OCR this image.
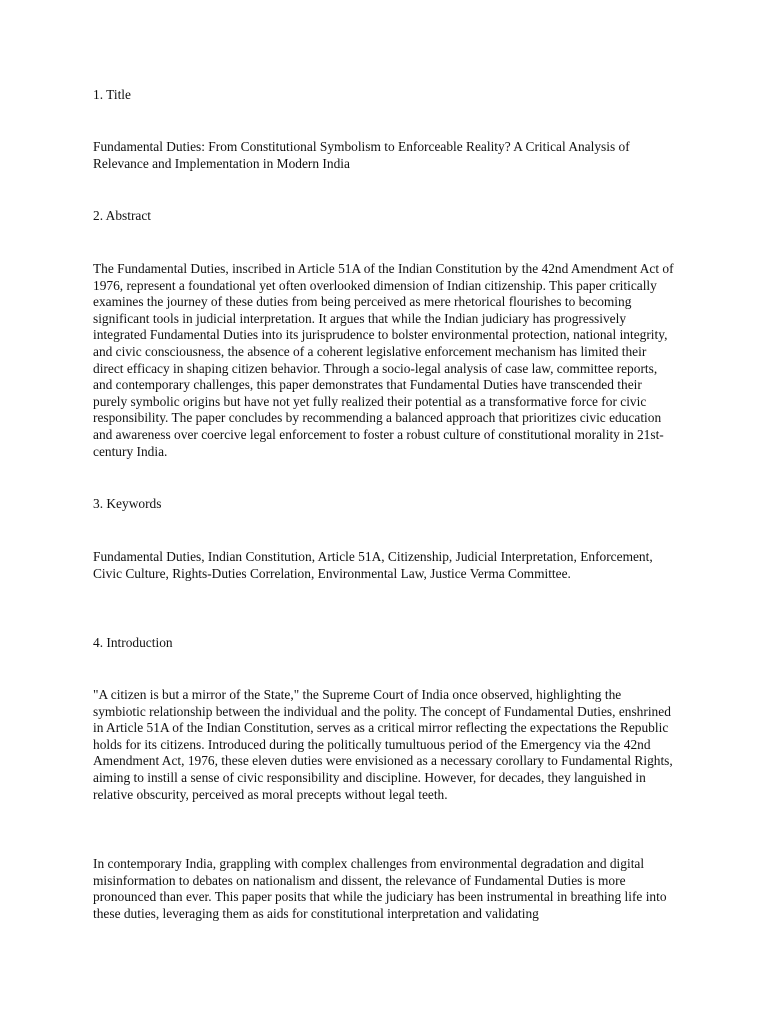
1. Title

Fundamental Duties: From Constitutional Symbolism to Enforceable Reality? A Critical Analysis of Relevance and Implementation in Modern India

2. Abstract

The Fundamental Duties, inscribed in Article 51A of the Indian Constitution by the 42nd Amendment Act of 1976, represent a foundational yet often overlooked dimension of Indian citizenship. This paper critically examines the journey of these duties from being perceived as mere rhetorical flourishes to becoming significant tools in judicial interpretation. It argues that while the Indian judiciary has progressively integrated Fundamental Duties into its jurisprudence to bolster environmental protection, national integrity, and civic consciousness, the absence of a coherent legislative enforcement mechanism has limited their direct efficacy in shaping citizen behavior. Through a socio-legal analysis of case law, committee reports, and contemporary challenges, this paper demonstrates that Fundamental Duties have transcended their purely symbolic origins but have not yet fully realized their potential as a transformative force for civic responsibility. The paper concludes by recommending a balanced approach that prioritizes civic education and awareness over coercive legal enforcement to foster a robust culture of constitutional morality in 21st-century India.

3. Keywords

Fundamental Duties, Indian Constitution, Article 51A, Citizenship, Judicial Interpretation, Enforcement, Civic Culture, Rights-Duties Correlation, Environmental Law, Justice Verma Committee.

4. Introduction

"A citizen is but a mirror of the State," the Supreme Court of India once observed, highlighting the symbiotic relationship between the individual and the polity. The concept of Fundamental Duties, enshrined in Article 51A of the Indian Constitution, serves as a critical mirror reflecting the expectations the Republic holds for its citizens. Introduced during the politically tumultuous period of the Emergency via the 42nd Amendment Act, 1976, these eleven duties were envisioned as a necessary corollary to Fundamental Rights, aiming to instill a sense of civic responsibility and discipline. However, for decades, they languished in relative obscurity, perceived as moral precepts without legal teeth.

In contemporary India, grappling with complex challenges from environmental degradation and digital misinformation to debates on nationalism and dissent, the relevance of Fundamental Duties is more pronounced than ever. This paper posits that while the judiciary has been instrumental in breathing life into these duties, leveraging them as aids for constitutional interpretation and validating
